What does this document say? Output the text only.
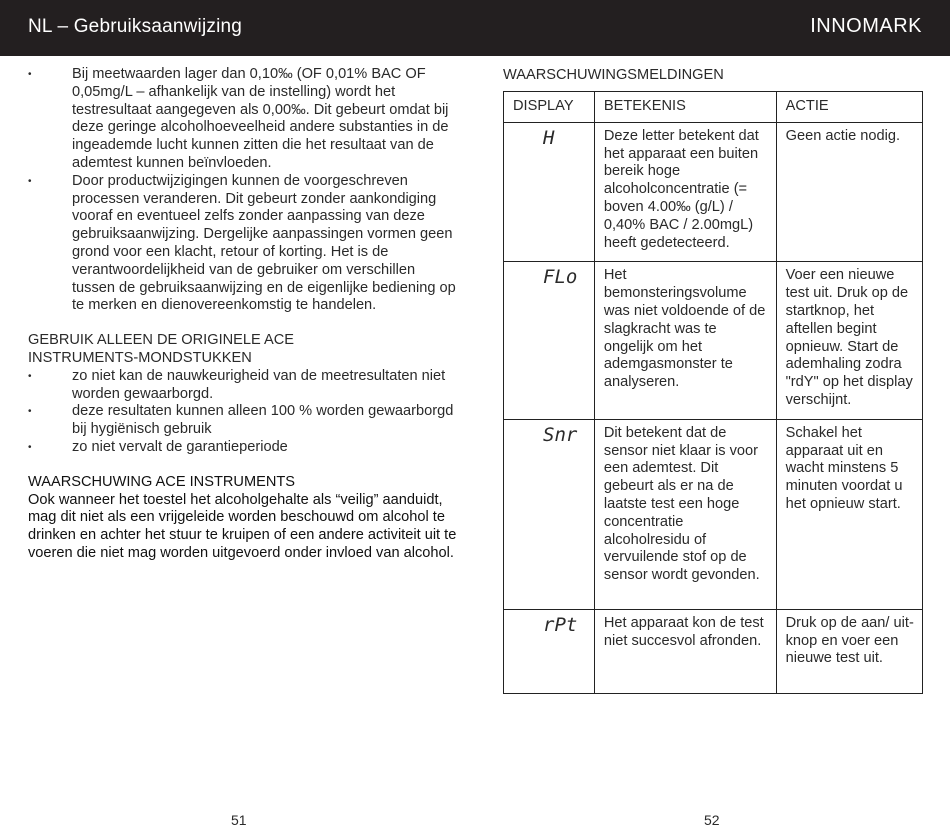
NL – Gebruiksaanwijzing	INNOMARK
• Bij meetwaarden lager dan 0,10‰ (OF 0,01% BAC OF 0,05mg/L – afhankelijk van de instelling) wordt het testresultaat aangegeven als 0,00‰. Dit gebeurt omdat bij deze geringe alcoholhoeveelheid andere substanties in de ingeademde lucht kunnen zitten die het resultaat van de ademtest kunnen beïnvloeden.
• Door productwijzigingen kunnen de voorgeschreven processen veranderen. Dit gebeurt zonder aankondiging vooraf en eventueel zelfs zonder aanpassing van deze gebruiksaanwijzing. Dergelijke aanpassingen vormen geen grond voor een klacht, retour of korting. Het is de verantwoordelijkheid van de gebruiker om verschillen tussen de gebruiksaanwijzing en de eigenlijke bediening op te merken en dienovereenkomstig te handelen.
GEBRUIK ALLEEN DE ORIGINELE ACE
INSTRUMENTS-MONDSTUKKEN
• zo niet kan de nauwkeurigheid van de meetresultaten niet worden gewaarborgd.
• deze resultaten kunnen alleen 100 % worden gewaarborgd bij hygiënisch gebruik
• zo niet vervalt de garantieperiode
WAARSCHUWING ACE INSTRUMENTS
Ook wanneer het toestel het alcoholgehalte als “veilig” aanduidt, mag dit niet als een vrijgeleide worden beschouwd om alcohol te drinken en achter het stuur te kruipen of een andere activiteit uit te voeren die niet mag worden uitgevoerd onder invloed van alcohol.
WAARSCHUWINGSMELDINGEN
DISPLAY	BETEKENIS	ACTIE

H	Deze letter betekent dat het apparaat een buiten bereik hoge alcoholconcentratie (= boven 4.00‰ (g/L) / 0,40% BAC / 2.00mgL) heeft gedetecteerd.	Geen actie nodig.

FLo	Het bemonsteringsvolume was niet voldoende of de slagkracht was te ongelijk om het ademgasmonster te analyseren.	Voer een nieuwe test uit. Druk op de startknop, het aftellen begint opnieuw. Start de ademhaling zodra "rdY" op het display verschijnt.

Snr	Dit betekent dat de sensor niet klaar is voor een ademtest. Dit gebeurt als er na de laatste test een hoge concentratie alcoholresidu of vervuilende stof op de sensor wordt gevonden.	Schakel het apparaat uit en wacht minstens 5 minuten voordat u het opnieuw start.

rPt	Het apparaat kon de test niet succesvol afronden.	Druk op de aan/ uit-knop en voer een nieuwe test uit.
51	52
